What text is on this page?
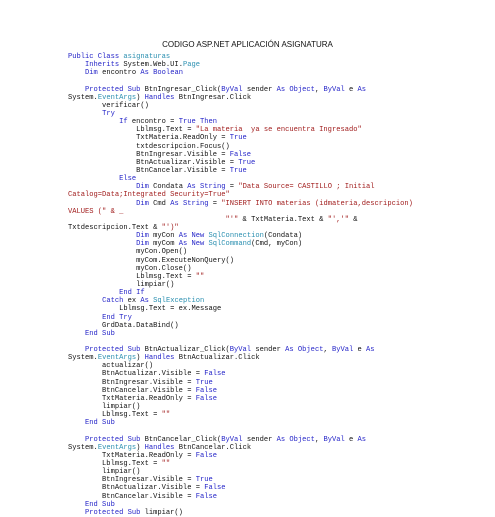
CODIGO ASP.NET APLICACIÓN ASIGNATURA
Public Class asignaturas
Inherits System.Web.UI.Page
Dim encontro As Boolean
Protected Sub BtnIngresar_Click(ByVal sender As Object, ByVal e As
System.EventArgs) Handles BtnIngresar.Click
verificar()
Try
If encontro = True Then
Lblmsg.Text = "La materia  ya se encuentra Ingresado"
TxtMateria.ReadOnly = True
txtdescripcion.Focus()
BtnIngresar.Visible = False
BtnActualizar.Visible = True
BtnCancelar.Visible = True
Else
Dim Condata As String = "Data Source= CASTILLO ; Initial
Catalog=Data;Integrated Security=True"
Dim Cmd As String = "INSERT INTO materias (idmateria,descripcion)
VALUES (" & _
"'" & TxtMateria.Text & "','" &
Txtdescripcion.Text & "')"
Dim myCon As New SqlConnection(Condata)
Dim myCom As New SqlCommand(Cmd, myCon)
myCon.Open()
myCom.ExecuteNonQuery()
myCon.Close()
Lblmsg.Text = ""
limpiar()
End If
Catch ex As SqlException
Lblmsg.Text = ex.Message
End Try
GrdData.DataBind()
End Sub
Protected Sub BtnActualizar_Click(ByVal sender As Object, ByVal e As
System.EventArgs) Handles BtnActualizar.Click
actualizar()
BtnActualizar.Visible = False
BtnIngresar.Visible = True
BtnCancelar.Visible = False
TxtMateria.ReadOnly = False
limpiar()
Lblmsg.Text = ""
End Sub
Protected Sub BtnCancelar_Click(ByVal sender As Object, ByVal e As
System.EventArgs) Handles BtnCancelar.Click
TxtMateria.ReadOnly = False
Lblmsg.Text = ""
limpiar()
BtnIngresar.Visible = True
BtnActualizar.Visible = False
BtnCancelar.Visible = False
End Sub
Protected Sub limpiar()
